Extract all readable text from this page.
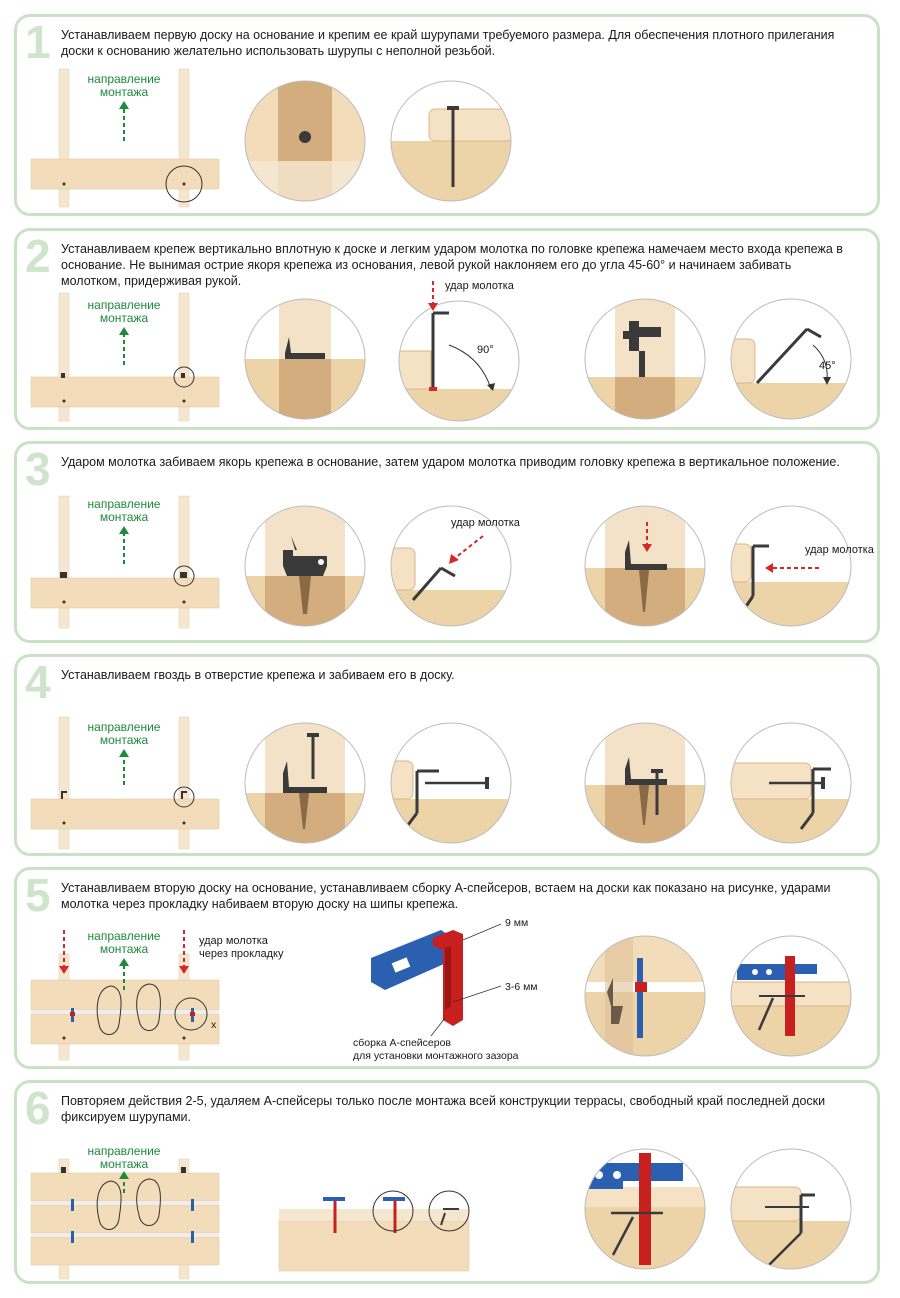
1 Устанавливаем первую доску на основание и крепим ее край шурупами требуемого размера. Для обеспечения плотного прилегания доски к основанию желательно использовать шурупы с неполной резьбой.
направление
монтажа
2 Устанавливаем крепеж вертикально вплотную к доске и легким ударом молотка по головке крепежа намечаем место входа крепежа в основание. Не вынимая острие якоря крепежа из основания, левой рукой наклоняем его до угла 45-60° и начинаем забивать молотком, придерживая рукой.
направление
монтажа
удар молотка
90°
45°
3 Ударом молотка забиваем якорь крепежа в основание, затем ударом молотка приводим головку крепежа в вертикальное положение.
направление
монтажа	удар молотка
удар молотка
4 Устанавливаем гвоздь в отверстие крепежа и забиваем его в доску.
направление
монтажа
5 Устанавливаем вторую доску на основание, устанавливаем сборку А-спейсеров, встаем на доски как показано на рисунке, ударами молотка через прокладку набиваем вторую доску на шипы крепежа.
x
направление
монтажа
удар молотка
через прокладку
9 мм
3-6 мм
сборка А-спейсеров
для установки монтажного зазора
6 Повторяем действия 2-5, удаляем А-спейсеры только после монтажа всей конструкции террасы, свободный край последней доски фиксируем шурупами.
направление
монтажа
